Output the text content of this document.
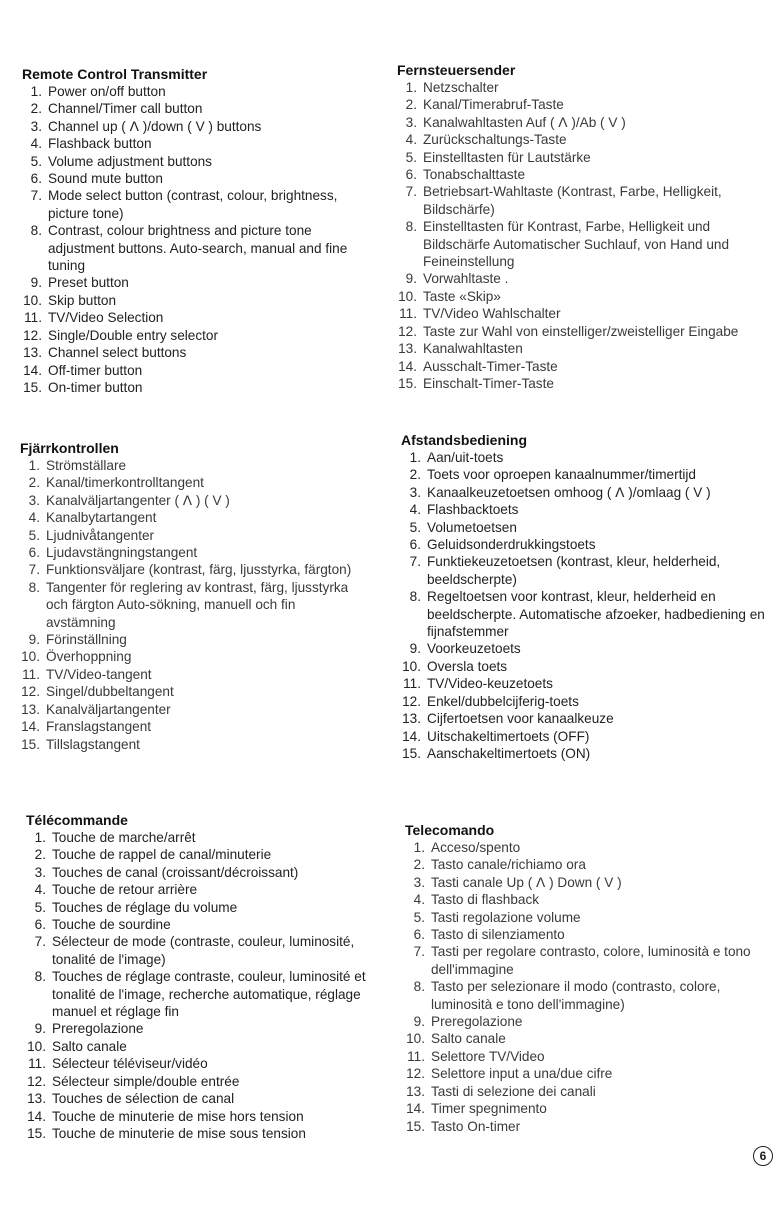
Remote Control Transmitter
1. Power on/off button
2. Channel/Timer call button
3. Channel up ( ᐱ )/down ( V ) buttons
4. Flashback button
5. Volume adjustment buttons
6. Sound mute button
7. Mode select button (contrast, colour, brightness, picture tone)
8. Contrast, colour brightness and picture tone adjustment buttons. Auto-search, manual and fine tuning
9. Preset button
10. Skip button
11. TV/Video Selection
12. Single/Double entry selector
13. Channel select buttons
14. Off-timer button
15. On-timer button
Fernsteuersender
1. Netzschalter
2. Kanal/Timerabruf-Taste
3. Kanalwahltasten Auf ( ᐱ )/Ab ( V )
4. Zurückschaltungs-Taste
5. Einstelltasten für Lautstärke
6. Tonabschalttaste
7. Betriebsart-Wahltaste (Kontrast, Farbe, Helligkeit, Bildschärfe)
8. Einstelltasten für Kontrast, Farbe, Helligkeit und Bildschärfe Automatischer Suchlauf, von Hand und Feineinstellung
9. Vorwahltaste .
10. Taste «Skip»
11. TV/Video Wahlschalter
12. Taste zur Wahl von einstelliger/zweistelliger Eingabe
13. Kanalwahltasten
14. Ausschalt-Timer-Taste
15. Einschalt-Timer-Taste
Fjärrkontrollen
1. Strömställare
2. Kanal/timerkontrolltangent
3. Kanalväljartangenter ( ᐱ ) ( V )
4. Kanalbytartangent
5. Ljudnivåtangenter
6. Ljudavstängningstangent
7. Funktionsväljare (kontrast, färg, ljusstyrka, färgton)
8. Tangenter för reglering av kontrast, färg, ljusstyrka och färgton Auto-sökning, manuell och fin avstämning
9. Förinställning
10. Överhoppning
11. TV/Video-tangent
12. Singel/dubbeltangent
13. Kanalväljartangenter
14. Franslagstangent
15. Tillslagstangent
Afstandsbediening
1. Aan/uit-toets
2. Toets voor oproepen kanaalnummer/timertijd
3. Kanaalkeuzetoetsen omhoog ( ᐱ )/omlaag ( V )
4. Flashbacktoets
5. Volumetoetsen
6. Geluidsonderdrukkingstoets
7. Funktiekeuzetoetsen (kontrast, kleur, helderheid, beeldscherpte)
8. Regeltoetsen voor kontrast, kleur, helderheid en beeldscherpte. Automatische afzoeker, hadbediening en fijnafstemmer
9. Voorkeuzetoets
10. Oversla toets
11. TV/Video-keuzetoets
12. Enkel/dubbelcijferig-toets
13. Cijfertoetsen voor kanaalkeuze
14. Uitschakeltimertoets (OFF)
15. Aanschakeltimertoets (ON)
Télécommande
1. Touche de marche/arrêt
2. Touche de rappel de canal/minuterie
3. Touches de canal (croissant/décroissant)
4. Touche de retour arrière
5. Touches de réglage du volume
6. Touche de sourdine
7. Sélecteur de mode (contraste, couleur, luminosité, tonalité de l'image)
8. Touches de réglage contraste, couleur, luminosité et tonalité de l'image, recherche automatique, réglage manuel et réglage fin
9. Preregolazione
10. Salto canale
11. Sélecteur téléviseur/vidéo
12. Sélecteur simple/double entrée
13. Touches de sélection de canal
14. Touche de minuterie de mise hors tension
15. Touche de minuterie de mise sous tension
Telecomando
1. Acceso/spento
2. Tasto canale/richiamo ora
3. Tasti canale Up ( ᐱ ) Down ( V )
4. Tasto di flashback
5. Tasti regolazione volume
6. Tasto di silenziamento
7. Tasti per regolare contrasto, colore, luminosità e tono dell'immagine
8. Tasto per selezionare il modo (contrasto, colore, luminosità e tono dell'immagine)
9. Preregolazione
10. Salto canale
11. Selettore TV/Video
12. Selettore input a una/due cifre
13. Tasti di selezione dei canali
14. Timer spegnimento
15. Tasto On-timer
6
